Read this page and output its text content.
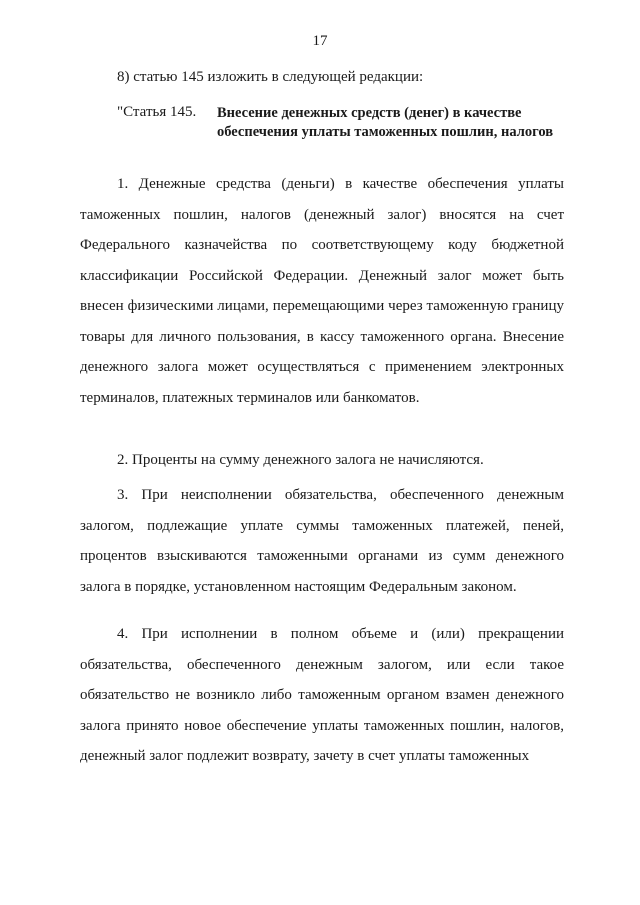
17
8) статью 145 изложить в следующей редакции:
"Статья 145. Внесение денежных средств (денег) в качестве обеспечения уплаты таможенных пошлин, налогов

1. Денежные средства (деньги) в качестве обеспечения уплаты таможенных пошлин, налогов (денежный залог) вносятся на счет Федерального казначейства по соответствующему коду бюджетной классификации Российской Федерации. Денежный залог может быть внесен физическими лицами, перемещающими через таможенную границу товары для личного пользования, в кассу таможенного органа. Внесение денежного залога может осуществляться с применением электронных терминалов, платежных терминалов или банкоматов.

2. Проценты на сумму денежного залога не начисляются.

3. При неисполнении обязательства, обеспеченного денежным залогом, подлежащие уплате суммы таможенных платежей, пеней, процентов взыскиваются таможенными органами из сумм денежного залога в порядке, установленном настоящим Федеральным законом.

4. При исполнении в полном объеме и (или) прекращении обязательства, обеспеченного денежным залогом, или если такое обязательство не возникло либо таможенным органом взамен денежного залога принято новое обеспечение уплаты таможенных пошлин, налогов, денежный залог подлежит возврату, зачету в счет уплаты таможенных
